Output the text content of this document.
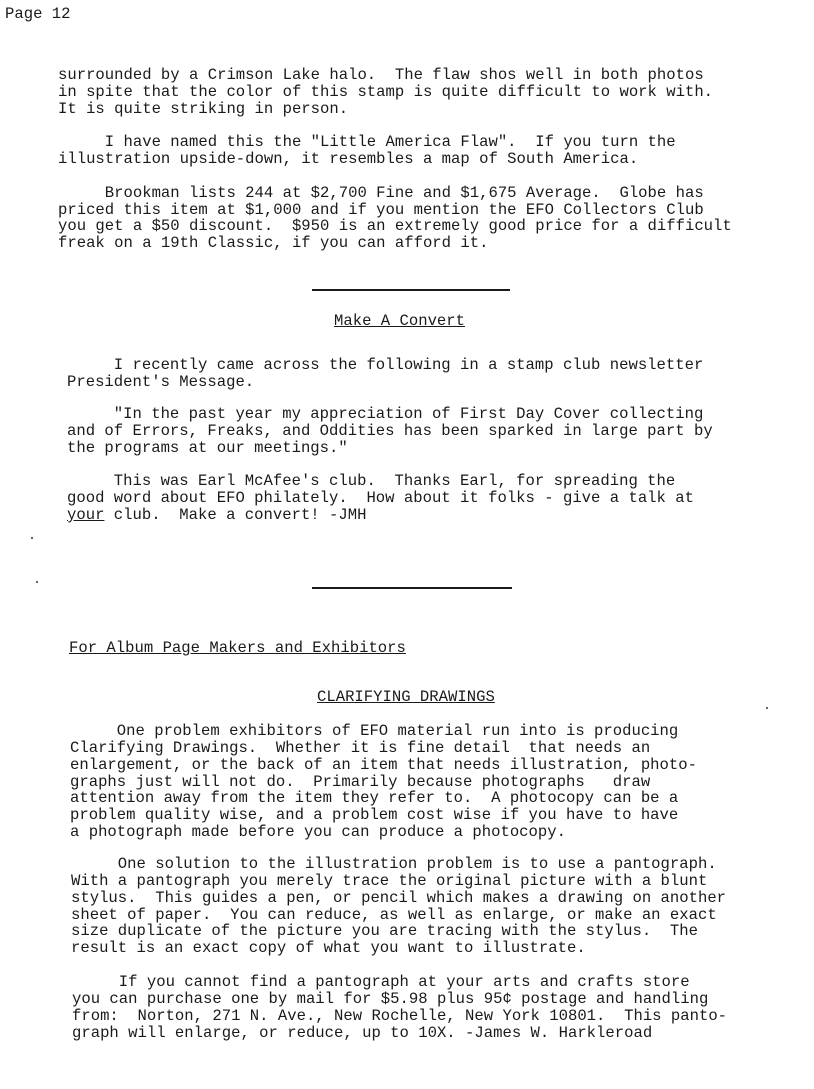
Page 12
surrounded by a Crimson Lake halo.  The flaw shos well in both photos
in spite that the color of this stamp is quite difficult to work with.
It is quite striking in person.
I have named this the "Little America Flaw".  If you turn the
illustration upside-down, it resembles a map of South America.
Brookman lists 244 at $2,700 Fine and $1,675 Average.  Globe has
priced this item at $1,000 and if you mention the EFO Collectors Club
you get a $50 discount.  $950 is an extremely good price for a difficult
freak on a 19th Classic, if you can afford it.
Make A Convert
I recently came across the following in a stamp club newsletter
President's Message.
"In the past year my appreciation of First Day Cover collecting
and of Errors, Freaks, and Oddities has been sparked in large part by
the programs at our meetings."
This was Earl McAfee's club.  Thanks Earl, for spreading the
good word about EFO philately.  How about it folks - give a talk at
your club.  Make a convert! -JMH
For Album Page Makers and Exhibitors
CLARIFYING DRAWINGS
One problem exhibitors of EFO material run into is producing
Clarifying Drawings.  Whether it is fine detail  that needs an
enlargement, or the back of an item that needs illustration, photo-
graphs just will not do.  Primarily because photographs   draw
attention away from the item they refer to.  A photocopy can be a
problem quality wise, and a problem cost wise if you have to have
a photograph made before you can produce a photocopy.
One solution to the illustration problem is to use a pantograph.
With a pantograph you merely trace the original picture with a blunt
stylus.  This guides a pen, or pencil which makes a drawing on another
sheet of paper.  You can reduce, as well as enlarge, or make an exact
size duplicate of the picture you are tracing with the stylus.  The
result is an exact copy of what you want to illustrate.
If you cannot find a pantograph at your arts and crafts store
you can purchase one by mail for $5.98 plus 95¢ postage and handling
from:  Norton, 271 N. Ave., New Rochelle, New York 10801.  This panto-
graph will enlarge, or reduce, up to 10X. -James W. Harkleroad
